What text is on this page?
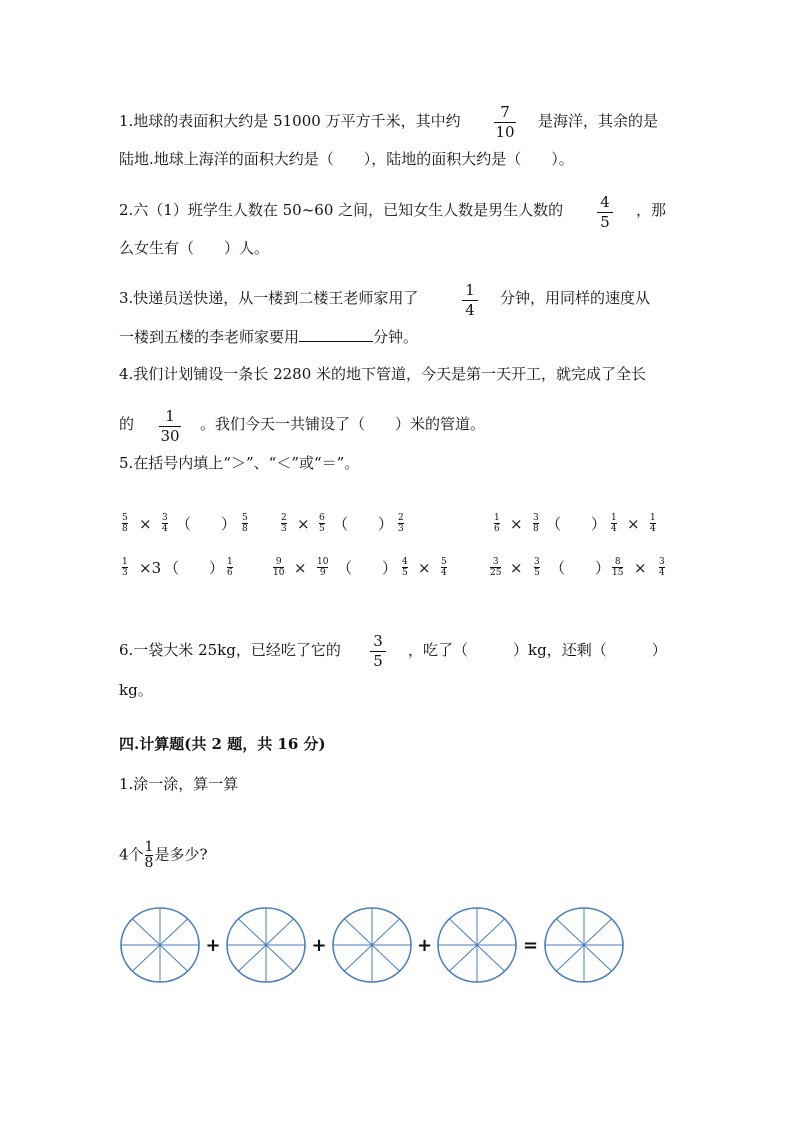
1.地球的表面积大约是 51000 万平方千米，其中约	7
10
是海洋，其余的是
陆地.地球上海洋的面积大约是（　　），陆地的面积大约是（　　）。
2.六（1）班学生人数在 50~60 之间，已知女生人数是男生人数的 4
5
，那
么女生有（　　）人。
3.快递员送快递，从一楼到二楼王老师家用了	1
4
分钟，用同样的速度从
一楼到五楼的李老师家要用	分钟。
4.我们计划铺设一条长 2280 米的地下管道，今天是第一天开工，就完成了全长
的 1
30
。我们今天一共铺设了（　　）米的管道。
5.在括号内填上“＞”、“＜”或“＝”。
5
8 × 3
4 （　　） 5
8
2
3 × 6
5 （　　） 2
3
1
6 × 3
8 （　　） 1
4 × 1
4
1
3 ×3 （　　） 1
6
9
10 × 10
9 （　　） 4
5 × 5
4
3
25 × 3
5 （　　） 8
15 × 3
4
6.一袋大米 25kg，已经吃了它的 3
5
，吃了（　　　）kg，还剩（　　　）
kg。
四.计算题(共 2 题，共 16 分)
1.涂一涂，算一算
4个 $\frac{1}{8}$ 是多少?
+	+	+	=
